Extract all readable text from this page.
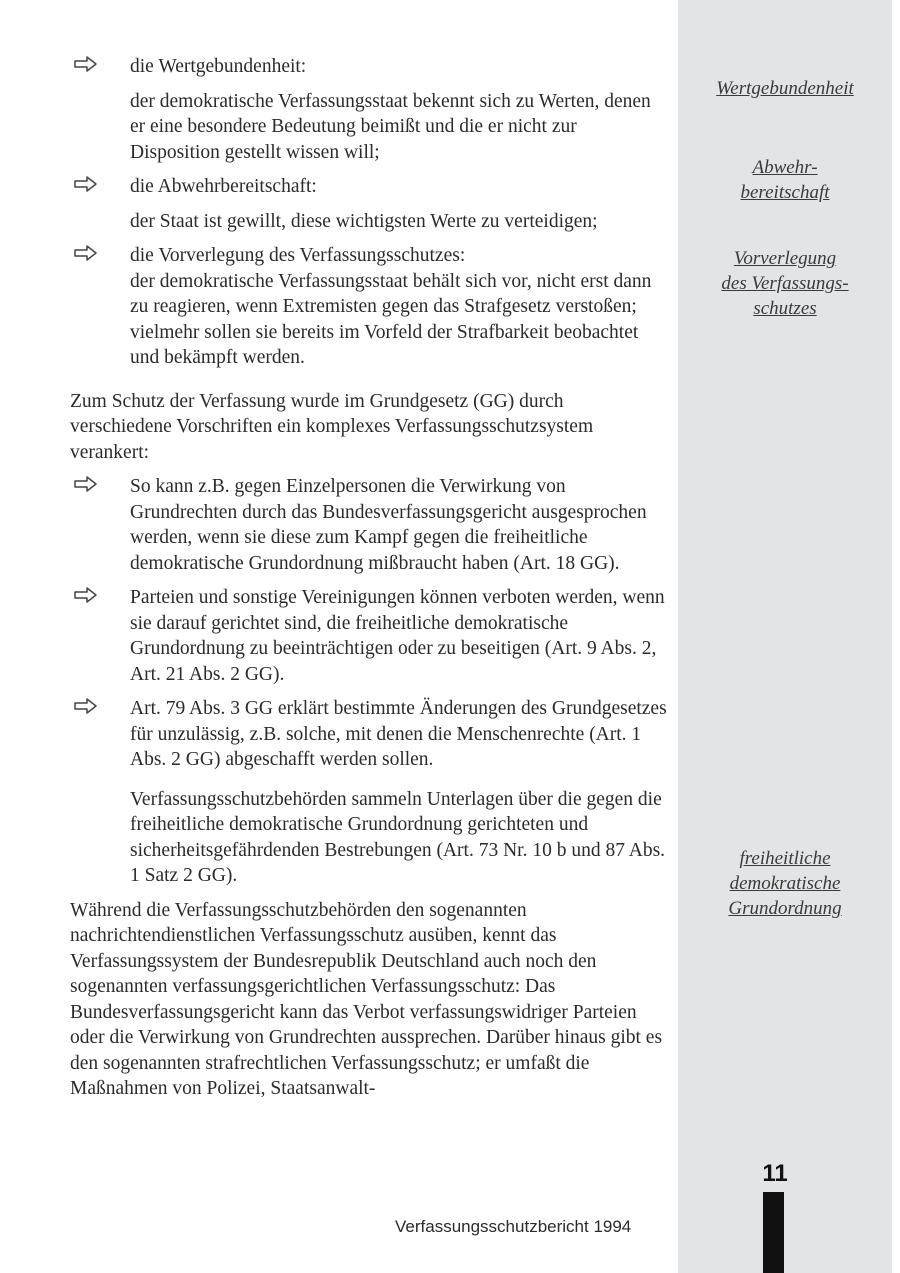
Wertgebundenheit
Abwehr-
bereitschaft
Vorverlegung
des Verfassungs-
schutzes
freiheitliche
demokratische
Grundordnung
die Wertgebundenheit:
der demokratische Verfassungsstaat bekennt sich zu Werten, denen er eine besondere Bedeutung beimißt und die er nicht zur Disposition gestellt wissen will;
die Abwehrbereitschaft:
der Staat ist gewillt, diese wichtigsten Werte zu verteidigen;
die Vorverlegung des Verfassungsschutzes:
der demokratische Verfassungsstaat behält sich vor, nicht erst dann zu reagieren, wenn Extremisten gegen das Strafgesetz verstoßen; vielmehr sollen sie bereits im Vorfeld der Strafbarkeit beobachtet und bekämpft werden.

Zum Schutz der Verfassung wurde im Grundgesetz (GG) durch verschiedene Vorschriften ein komplexes Verfassungsschutzsystem verankert:

So kann z.B. gegen Einzelpersonen die Verwirkung von Grundrechten durch das Bundesverfassungsgericht ausgesprochen werden, wenn sie diese zum Kampf gegen die freiheitliche demokratische Grundordnung mißbraucht haben (Art. 18 GG).
Parteien und sonstige Vereinigungen können verboten werden, wenn sie darauf gerichtet sind, die freiheitliche demokratische Grundordnung zu beeinträchtigen oder zu beseitigen (Art. 9 Abs. 2, Art. 21 Abs. 2 GG).
Art. 79 Abs. 3 GG erklärt bestimmte Änderungen des Grundgesetzes für unzulässig, z.B. solche, mit denen die Menschenrechte (Art. 1 Abs. 2 GG) abgeschafft werden sollen.
Verfassungsschutzbehörden sammeln Unterlagen über die gegen die freiheitliche demokratische Grundordnung gerichteten und sicherheitsgefährdenden Bestrebungen (Art. 73 Nr. 10 b und 87 Abs. 1 Satz 2 GG).

Während die Verfassungsschutzbehörden den sogenannten nachrichtendienstlichen Verfassungsschutz ausüben, kennt das Verfassungssystem der Bundesrepublik Deutschland auch noch den sogenannten verfassungsgerichtlichen Verfassungsschutz: Das Bundesverfassungsgericht kann das Verbot verfassungswidriger Parteien oder die Verwirkung von Grundrechten aussprechen. Darüber hinaus gibt es den sogenannten strafrechtlichen Verfassungsschutz; er umfaßt die Maßnahmen von Polizei, Staatsanwalt-

11
Verfassungsschutzbericht 1994
